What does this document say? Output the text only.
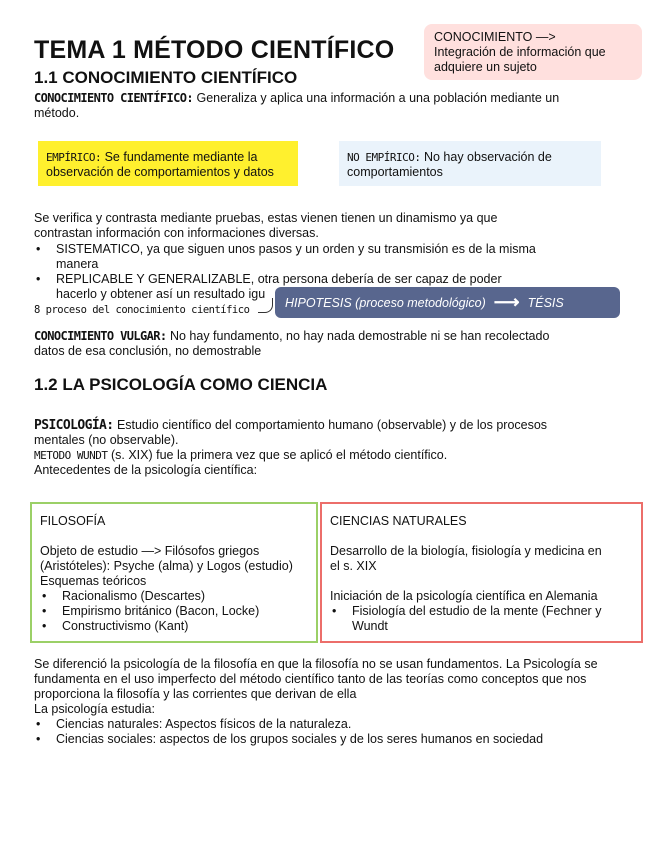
TEMA 1 MÉTODO CIENTÍFICO	CONOCIMIENTO —>
Integración de información que
adquiere un sujeto
1.1 CONOCIMIENTO CIENTÍFICO
CONOCIMIENTO CIENTÍFICO: Generaliza y aplica una información a una población mediante un
método.
EMPÍRICO: Se fundamente mediante la
observación de comportamientos y datos
NO EMPÍRICO: No hay observación de
comportamientos
Se verifica y contrasta mediante pruebas, estas vienen tienen un dinamismo ya que
contrastan información con informaciones diversas.
• SISTEMATICO, ya que siguen unos pasos y un orden y su transmisión es de la misma
manera
• REPLICABLE Y GENERALIZABLE, otra persona debería de ser capaz de poder
hacerlo y obtener así un resultado igu
8 proceso del conocimiento científico
HIPOTESIS (proceso metodológico) ⟶ TÉSIS
CONOCIMIENTO VULGAR: No hay fundamento, no hay nada demostrable ni se han recolectado
datos de esa conclusión, no demostrable
1.2 LA PSICOLOGÍA COMO CIENCIA
PSICOLOGÍA: Estudio científico del comportamiento humano (observable) y de los procesos
mentales (no observable).
METODO WUNDT (s. XIX) fue la primera vez que se aplicó el método científico.
Antecedentes de la psicología científica:
FILOSOFÍA
Objeto de estudio —> Filósofos griegos
(Aristóteles): Psyche (alma) y Logos (estudio)
Esquemas teóricos
• Racionalismo (Descartes)
• Empirismo británico (Bacon, Locke)
• Constructivismo (Kant)
CIENCIAS NATURALES
Desarrollo de la biología, fisiología y medicina en
el s. XIX
Iniciación de la psicología científica en Alemania
• Fisiología del estudio de la mente (Fechner y
Wundt
Se diferenció la psicología de la filosofía en que la filosofía no se usan fundamentos. La Psicología se
fundamenta en el uso imperfecto del método científico tanto de las teorías como conceptos que nos
proporciona la filosofía y las corrientes que derivan de ella
La psicología estudia:
• Ciencias naturales: Aspectos físicos de la naturaleza.
• Ciencias sociales: aspectos de los grupos sociales y de los seres humanos en sociedad
